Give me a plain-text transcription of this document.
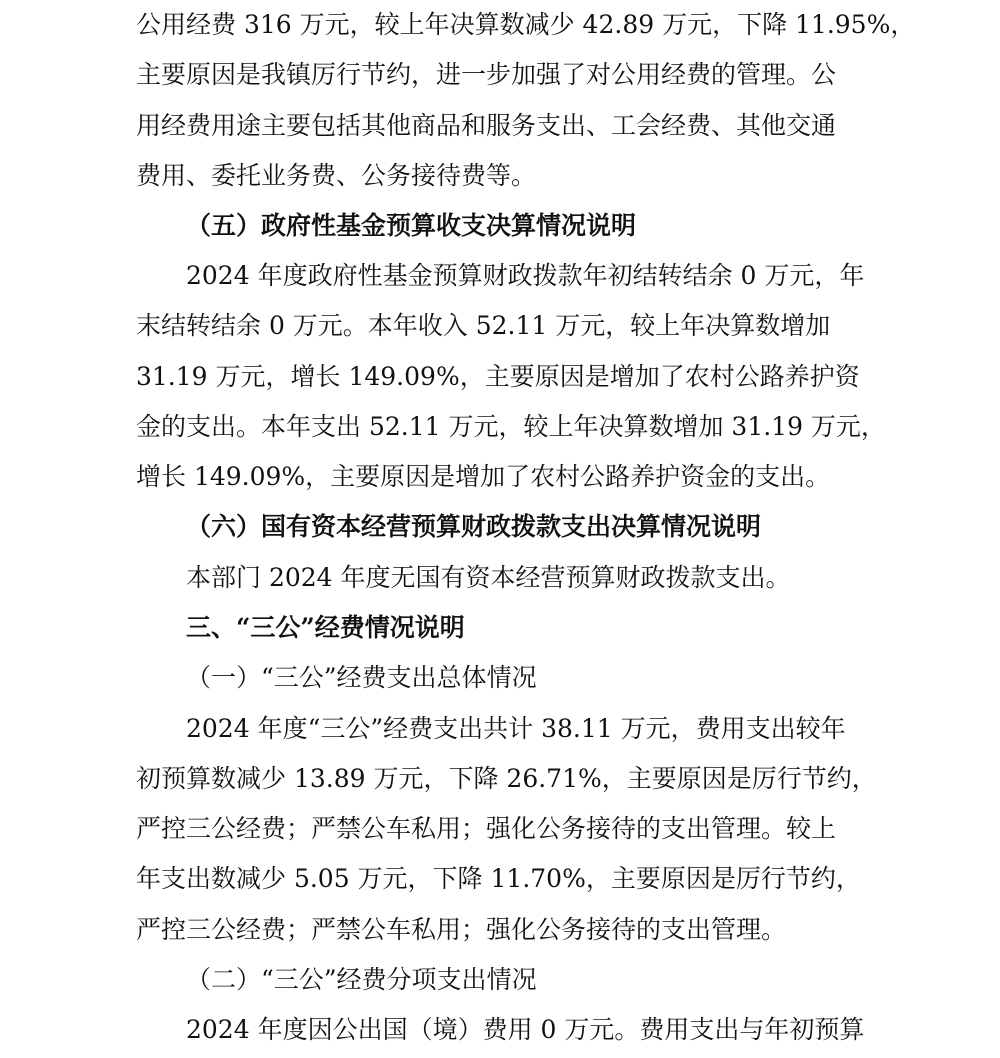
公用经费 316 万元，较上年决算数减少 42.89 万元，下降 11.95%，
主要原因是我镇厉行节约，进一步加强了对公用经费的管理。公
用经费用途主要包括其他商品和服务支出、工会经费、其他交通
费用、委托业务费、公务接待费等。
（五）政府性基金预算收支决算情况说明
2024 年度政府性基金预算财政拨款年初结转结余 0 万元，年
末结转结余 0 万元。本年收入 52.11 万元，较上年决算数增加
31.19 万元，增长 149.09%，主要原因是增加了农村公路养护资
金的支出。本年支出 52.11 万元，较上年决算数增加 31.19 万元，
增长 149.09%，主要原因是增加了农村公路养护资金的支出。
（六）国有资本经营预算财政拨款支出决算情况说明
本部门 2024 年度无国有资本经营预算财政拨款支出。
三、“三公”经费情况说明
（一）“三公”经费支出总体情况
2024 年度“三公”经费支出共计 38.11 万元，费用支出较年
初预算数减少 13.89 万元，下降 26.71%，主要原因是厉行节约，
严控三公经费；严禁公车私用；强化公务接待的支出管理。较上
年支出数减少 5.05 万元，下降 11.70%，主要原因是厉行节约，
严控三公经费；严禁公车私用；强化公务接待的支出管理。
（二）“三公”经费分项支出情况
2024 年度因公出国（境）费用 0 万元。费用支出与年初预算
